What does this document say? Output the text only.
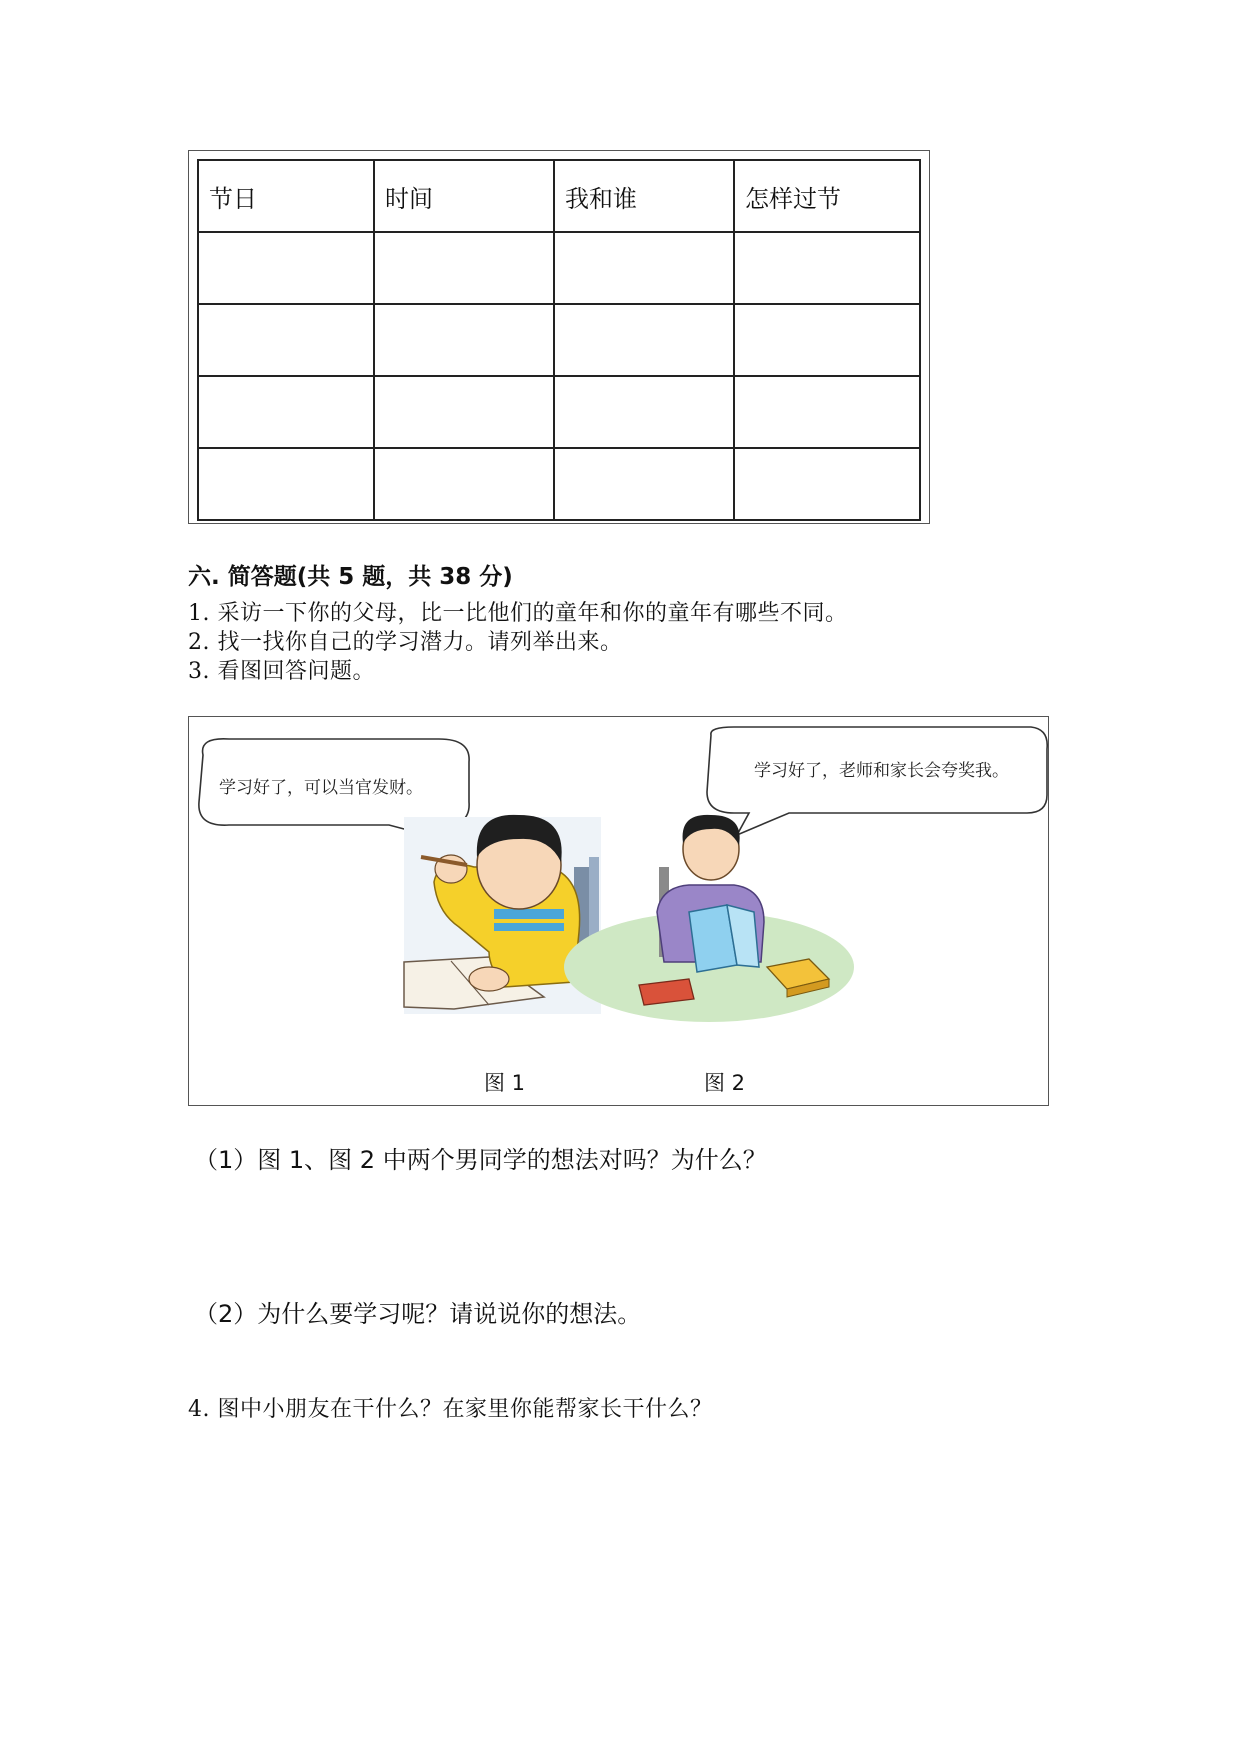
节日	时间	我和谁	怎样过节

六. 简答题(共 5 题，共 38 分)
1. 采访一下你的父母，比一比他们的童年和你的童年有哪些不同。
2. 找一找你自己的学习潜力。请列举出来。
3. 看图回答问题。
学习好了，可以当官发财。
学习好了，老师和家长会夸奖我。
图 1	图 2
（1）图 1、图 2 中两个男同学的想法对吗？为什么？
（2）为什么要学习呢？请说说你的想法。
4. 图中小朋友在干什么？在家里你能帮家长干什么？
